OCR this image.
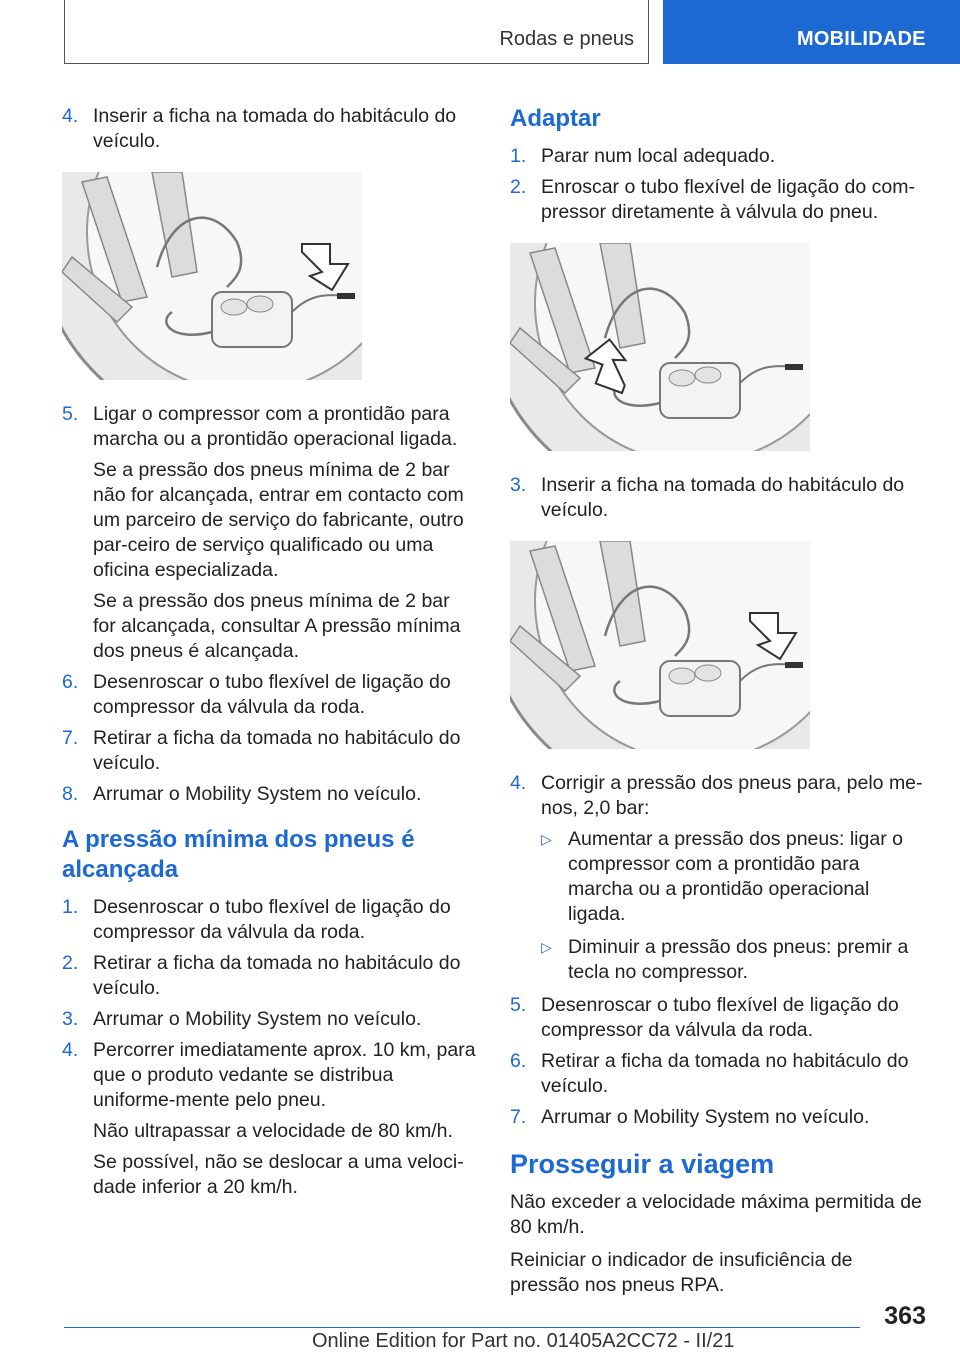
Rodas e pneus	MOBILIDADE
4. Inserir a ficha na tomada do habitáculo do veículo.
5. Ligar o compressor com a prontidão para marcha ou a prontidão operacional ligada.
Se a pressão dos pneus mínima de 2 bar não for alcançada, entrar em contacto com um parceiro de serviço do fabricante, outro par‐ceiro de serviço qualificado ou uma oficina especializada.
Se a pressão dos pneus mínima de 2 bar for alcançada, consultar A pressão mínima dos pneus é alcançada.
6. Desenroscar o tubo flexível de ligação do compressor da válvula da roda.
7. Retirar a ficha da tomada no habitáculo do veículo.
8. Arrumar o Mobility System no veículo.
A pressão mínima dos pneus é alcançada
1. Desenroscar o tubo flexível de ligação do compressor da válvula da roda.
2. Retirar a ficha da tomada no habitáculo do veículo.
3. Arrumar o Mobility System no veículo.
4. Percorrer imediatamente aprox. 10 km, para que o produto vedante se distribua uniforme‐mente pelo pneu.
Não ultrapassar a velocidade de 80 km/h.
Se possível, não se deslocar a uma veloci‐dade inferior a 20 km/h.
Adaptar
1. Parar num local adequado.
2. Enroscar o tubo flexível de ligação do com‐pressor diretamente à válvula do pneu.
3. Inserir a ficha na tomada do habitáculo do veículo.
4. Corrigir a pressão dos pneus para, pelo me‐nos, 2,0 bar:
▷ Aumentar a pressão dos pneus: ligar o compressor com a prontidão para marcha ou a prontidão operacional ligada.
▷ Diminuir a pressão dos pneus: premir a tecla no compressor.
5. Desenroscar o tubo flexível de ligação do compressor da válvula da roda.
6. Retirar a ficha da tomada no habitáculo do veículo.
7. Arrumar o Mobility System no veículo.
Prosseguir a viagem

Não exceder a velocidade máxima permitida de 80 km/h.

Reiniciar o indicador de insuficiência de pressão nos pneus RPA.

363
Online Edition for Part no. 01405A2CC72 - II/21
